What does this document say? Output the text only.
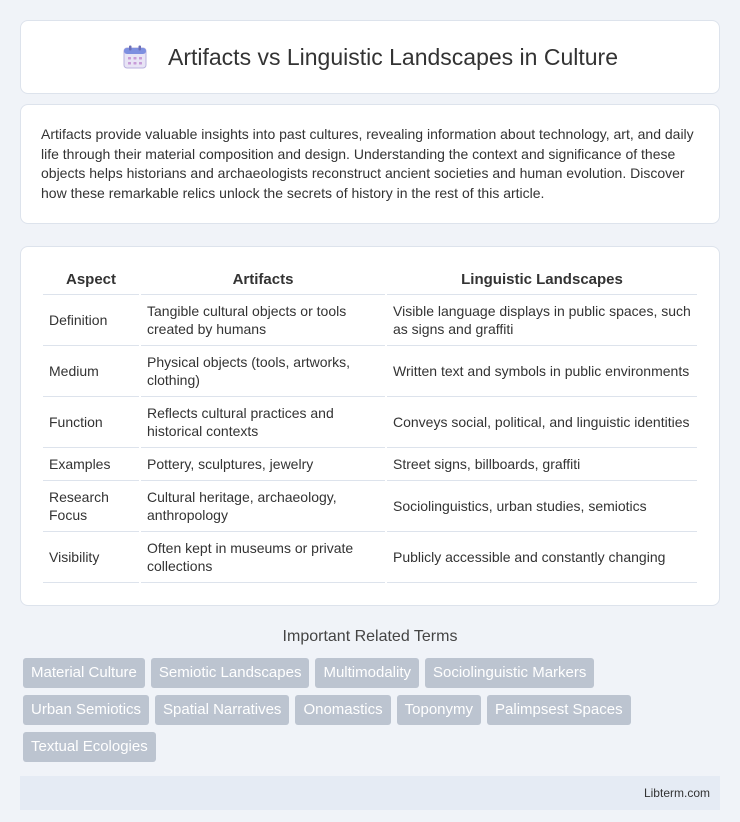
Artifacts vs Linguistic Landscapes in Culture

Artifacts provide valuable insights into past cultures, revealing information about technology, art, and daily life through their material composition and design. Understanding the context and significance of these objects helps historians and archaeologists reconstruct ancient societies and human evolution. Discover how these remarkable relics unlock the secrets of history in the rest of this article.

Aspect	Artifacts	Linguistic Landscapes
Definition	Tangible cultural objects or tools created by humans	Visible language displays in public spaces, such as signs and graffiti
Medium	Physical objects (tools, artworks, clothing)	Written text and symbols in public environments
Function	Reflects cultural practices and historical contexts	Conveys social, political, and linguistic identities
Examples	Pottery, sculptures, jewelry	Street signs, billboards, graffiti
Research Focus	Cultural heritage, archaeology, anthropology	Sociolinguistics, urban studies, semiotics
Visibility	Often kept in museums or private collections	Publicly accessible and constantly changing
Important Related Terms
Material Culture	Semiotic Landscapes	Multimodality	Sociolinguistic Markers
Urban Semiotics	Spatial Narratives	Onomastics	Toponymy	Palimpsest Spaces
Textual Ecologies
Libterm.com
